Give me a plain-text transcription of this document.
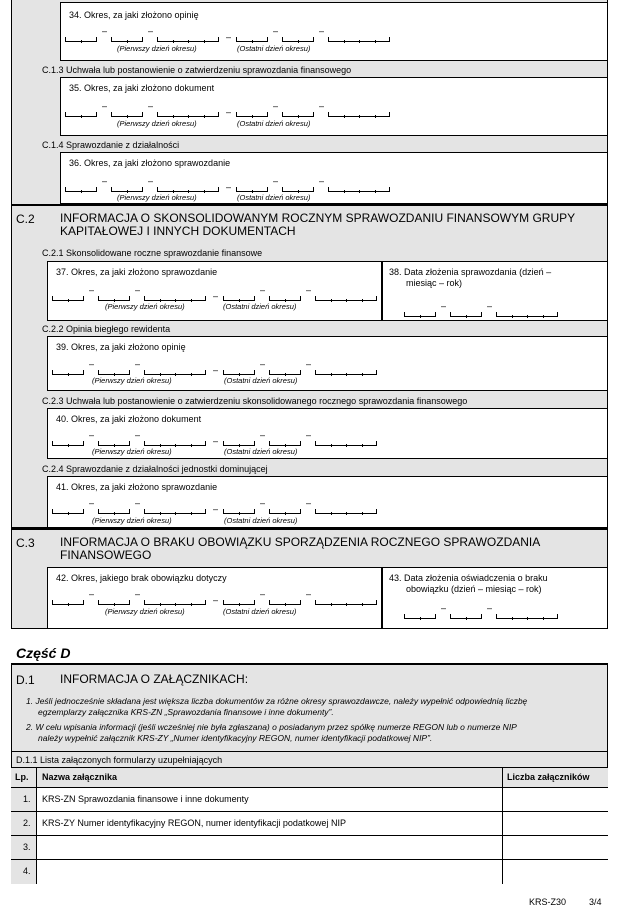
34. Okres, za jaki złożono opinię
(Pierwszy dzień okresu)	(Ostatni dzień okresu)
C.1.3 Uchwała lub postanowienie o zatwierdzeniu sprawozdania finansowego
35. Okres, za jaki złożono dokument
(Pierwszy dzień okresu)	(Ostatni dzień okresu)
C.1.4 Sprawozdanie z działalności
36. Okres, za jaki złożono sprawozdanie
(Pierwszy dzień okresu)	(Ostatni dzień okresu)
C.2 INFORMACJA O SKONSOLIDOWANYM ROCZNYM SPRAWOZDANIU FINANSOWYM GRUPY
KAPITAŁOWEJ I INNYCH DOKUMENTACH
C.2.1 Skonsolidowane roczne sprawozdanie finansowe
37. Okres, za jaki złożono sprawozdanie
(Pierwszy dzień okresu)	(Ostatni dzień okresu)
38. Data złożenia sprawozdania (dzień –
miesiąc – rok)
C.2.2 Opinia biegłego rewidenta
39. Okres, za jaki złożono opinię
(Pierwszy dzień okresu)	(Ostatni dzień okresu)
C.2.3 Uchwała lub postanowienie o zatwierdzeniu skonsolidowanego rocznego sprawozdania finansowego
40. Okres, za jaki złożono dokument
(Pierwszy dzień okresu)	(Ostatni dzień okresu)
C.2.4 Sprawozdanie z działalności jednostki dominującej
41. Okres, za jaki złożono sprawozdanie
(Pierwszy dzień okresu)	(Ostatni dzień okresu)
C.3 INFORMACJA O BRAKU OBOWIĄZKU SPORZĄDZENIA ROCZNEGO SPRAWOZDANIA
FINANSOWEGO
42. Okres, jakiego brak obowiązku dotyczy
(Pierwszy dzień okresu)	(Ostatni dzień okresu)
43. Data złożenia oświadczenia o braku
obowiązku (dzień – miesiąc – rok)
Część D
D.1 INFORMACJA O ZAŁĄCZNIKACH:
1. Jeśli jednocześnie składana jest większa liczba dokumentów za różne okresy sprawozdawcze, należy wypełnić odpowiednią liczbę
egzemplarzy załącznika KRS-ZN „Sprawozdania finansowe i inne dokumenty”.
2. W celu wpisania informacji (jeśli wcześniej nie była zgłaszana) o posiadanym przez spółkę numerze REGON lub o numerze NIP
należy wypełnić załącznik KRS-ZY „Numer identyfikacyjny REGON, numer identyfikacji podatkowej NIP”.
D.1.1 Lista załączonych formularzy uzupełniających
Lp. Nazwa załącznika	Liczba załączników
1. KRS-ZN Sprawozdania finansowe i inne dokumenty
2. KRS-ZY Numer identyfikacyjny REGON, numer identyfikacji podatkowej NIP
3.
4.
KRS-Z30	3/4
–	–
–
–	–
–	–
–
–	–
–	–
–
–	–
–	–
–
–	–
–	–
–
–	–
–	–
–
–	–
–	–
–
–	–
–	–
–
–	–
–	–
–	–
